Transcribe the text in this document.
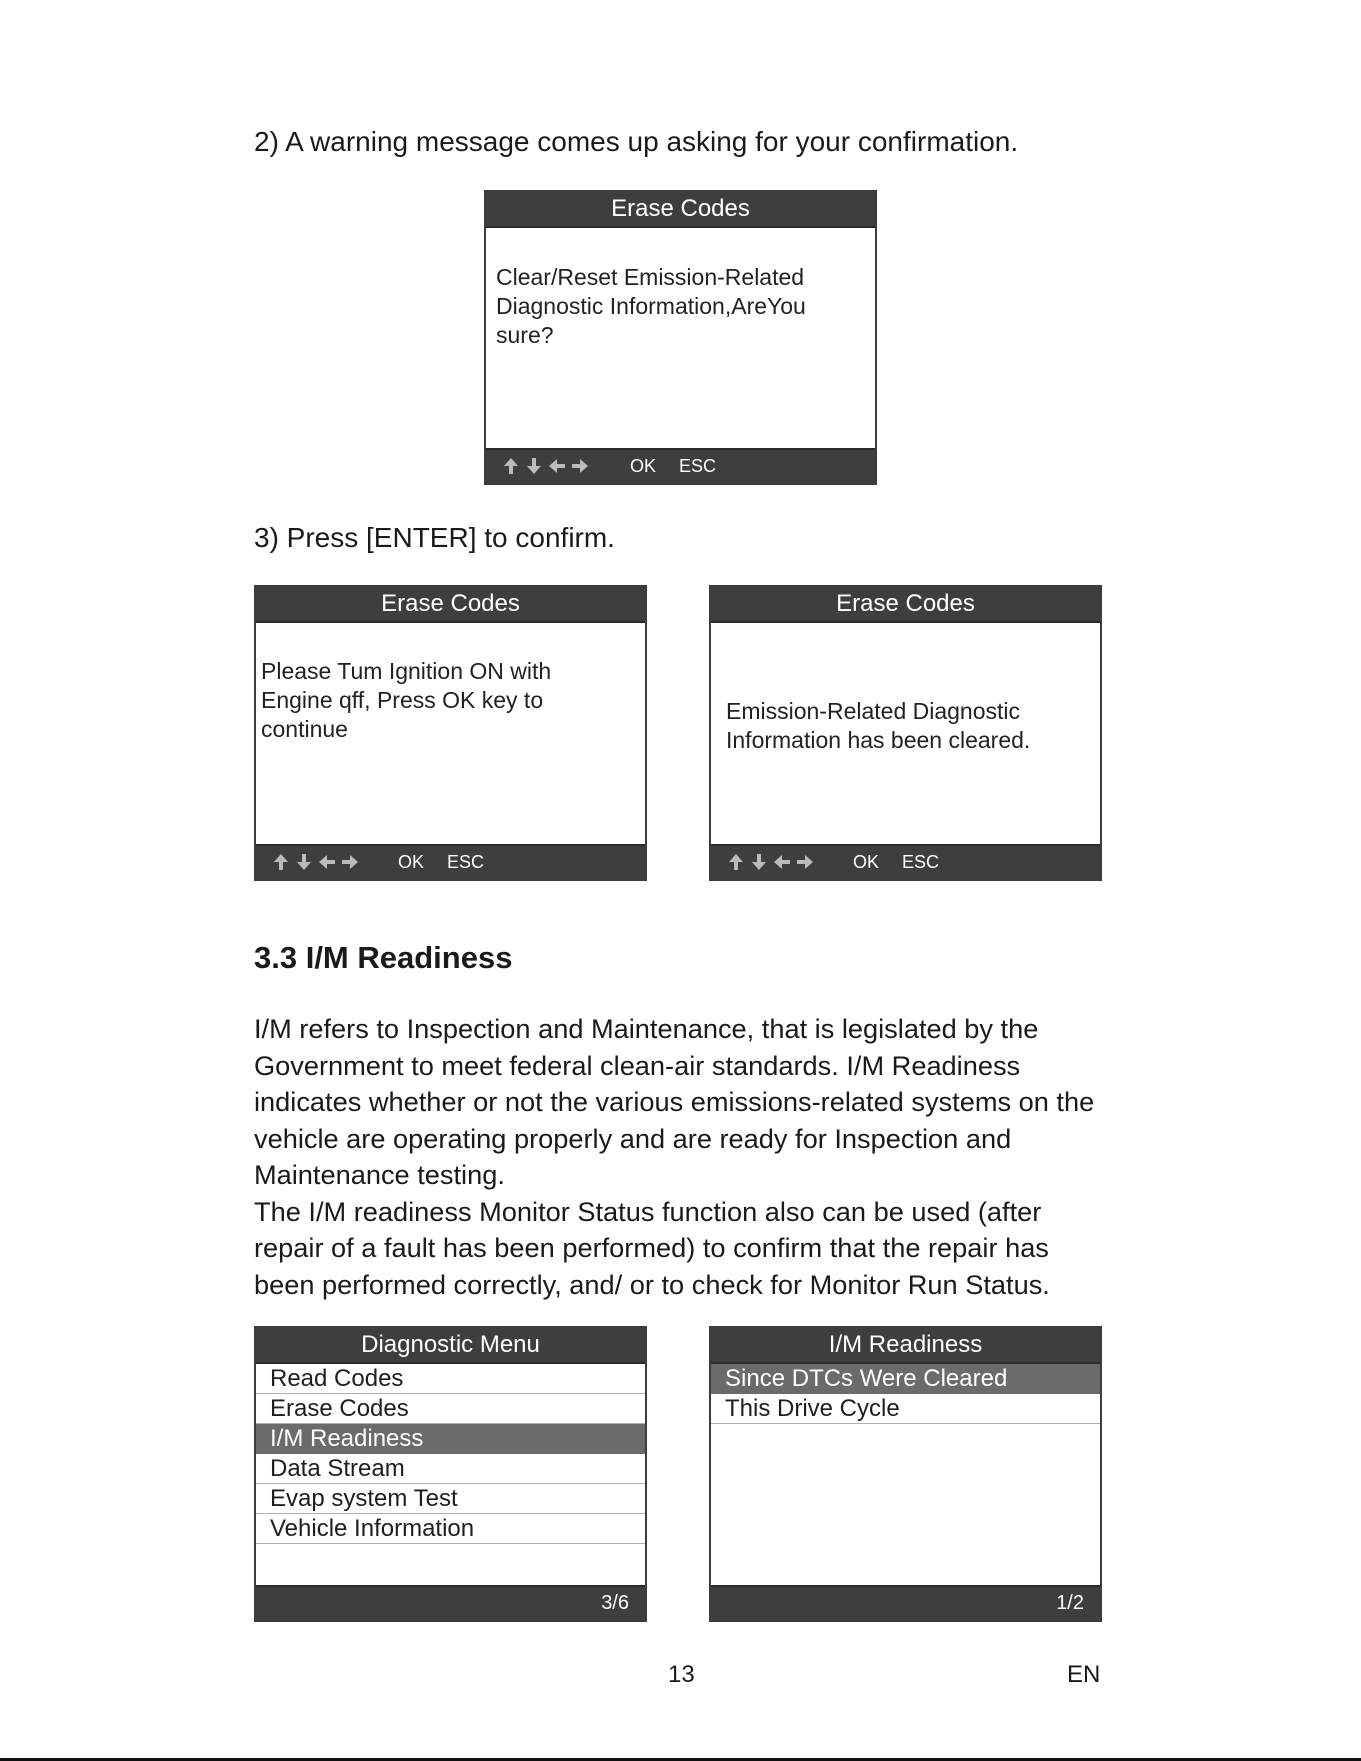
2) A warning message comes up asking for your confirmation.
Erase Codes
Clear/Reset Emission-Related
Diagnostic Information,AreYou
sure?
OK ESC
3) Press [ENTER] to confirm.
Erase Codes
Please Tum Ignition ON with
Engine qff, Press OK key to
continue
OK ESC
Erase Codes
Emission-Related Diagnostic
Information has been cleared.
OK ESC
3.3 I/M Readiness

I/M refers to Inspection and Maintenance, that is legislated by the Government to meet federal clean-air standards. I/M Readiness indicates whether or not the various emissions-related systems on the vehicle are operating properly and are ready for Inspection and Maintenance testing.

The I/M readiness Monitor Status function also can be used (after repair of a fault has been performed) to confirm that the repair has been performed correctly, and/ or to check for Monitor Run Status.

Diagnostic Menu
Read Codes
Erase Codes
I/M Readiness
Data Stream
Evap system Test
Vehicle Information
3/6
I/M Readiness
Since DTCs Were Cleared
This Drive Cycle
1/2
13	EN
